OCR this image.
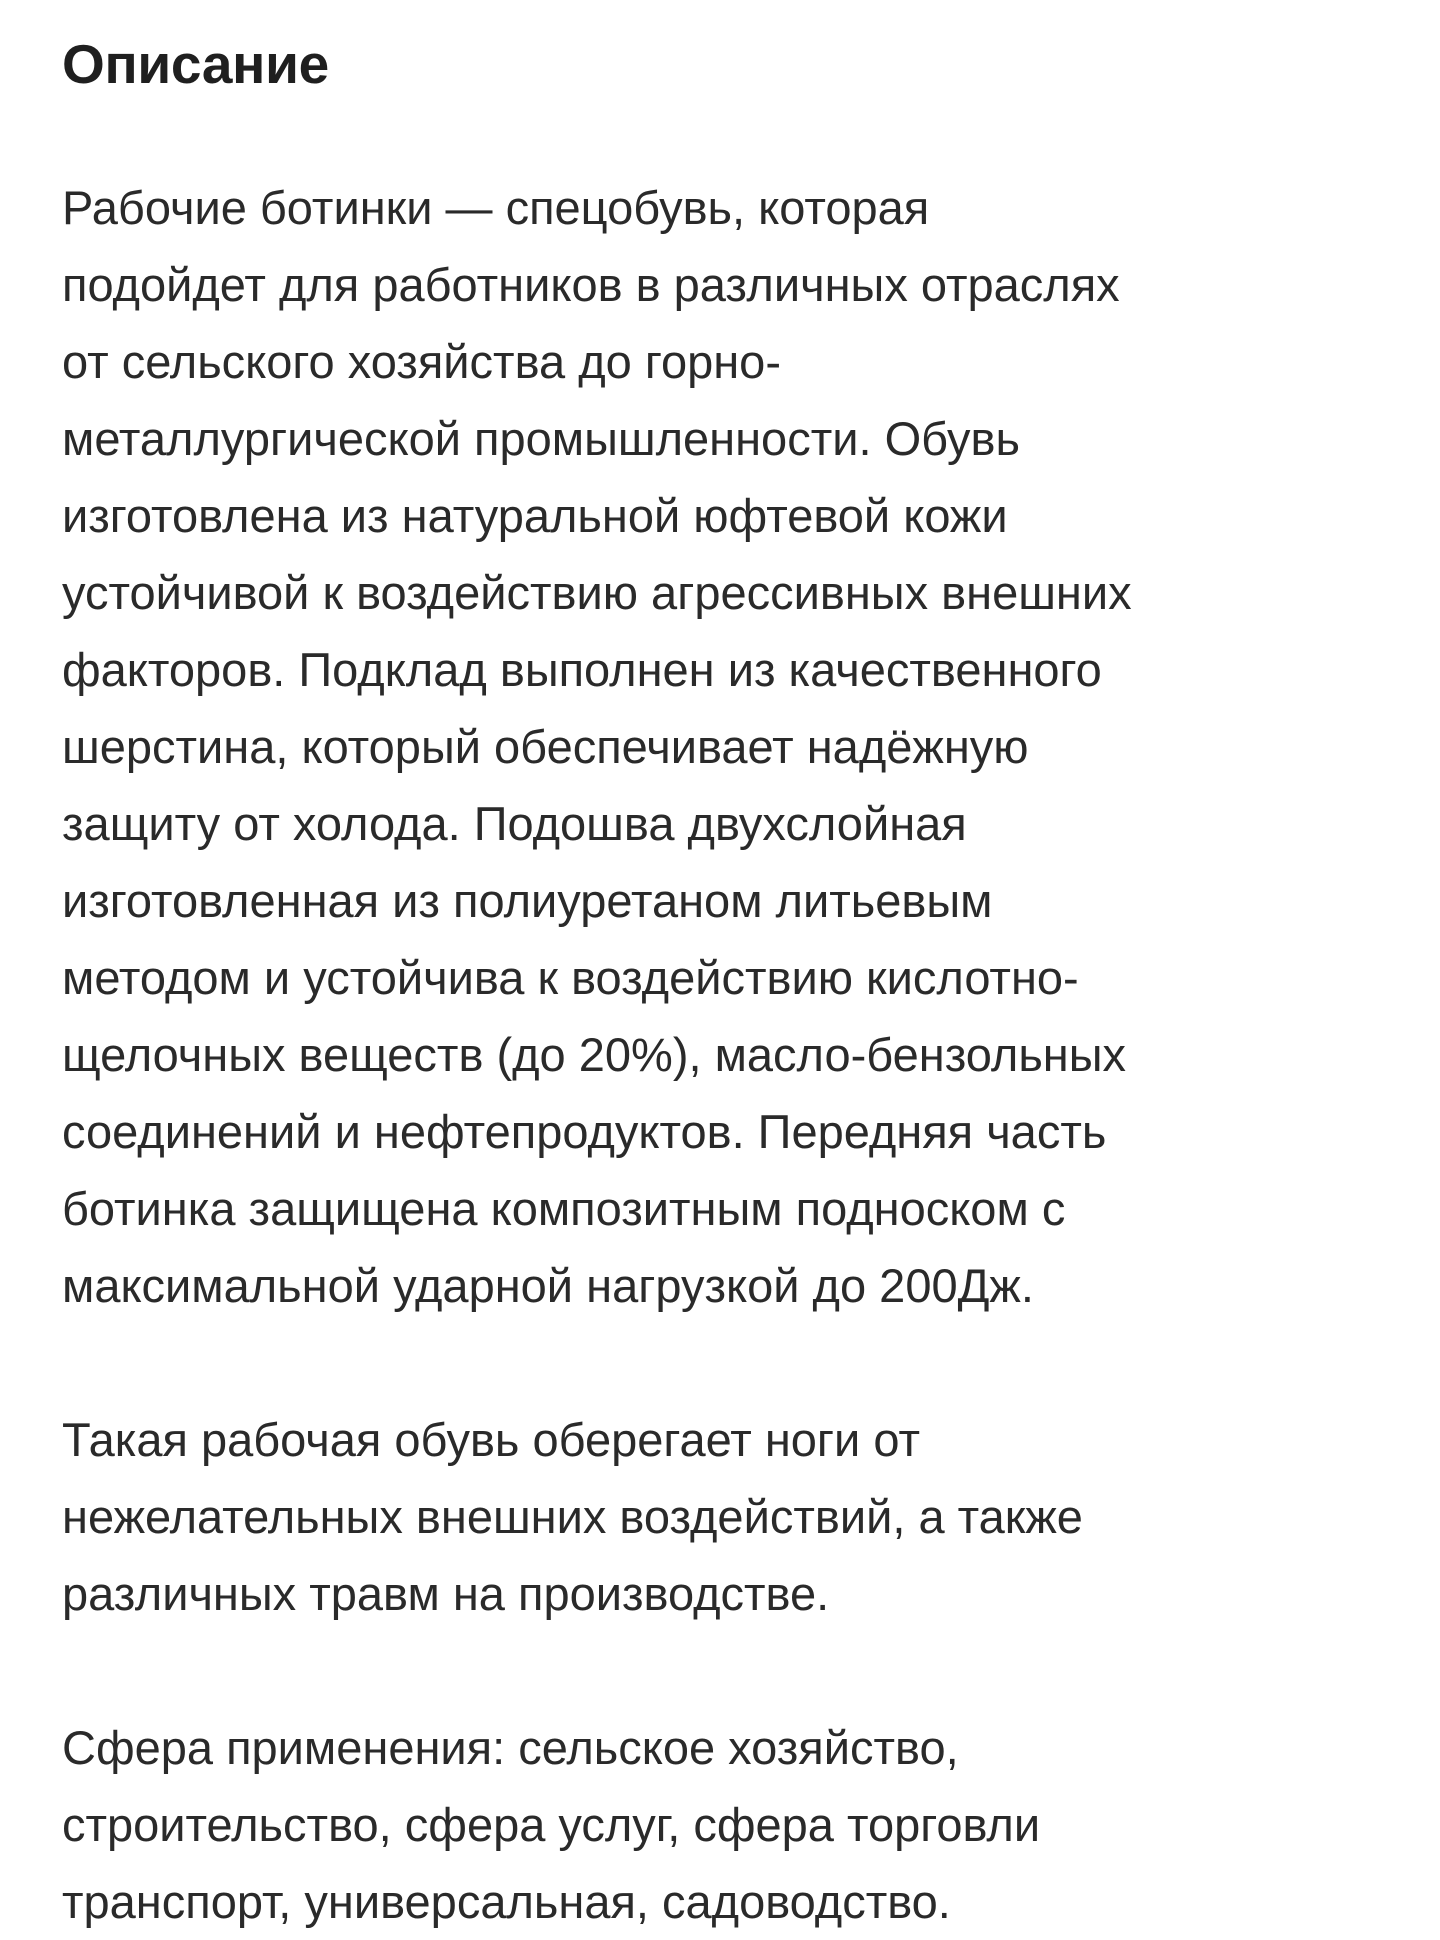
Описание

Рабочие ботинки — спецобувь, которая
подойдет для работников в различных отраслях
от сельского хозяйства до горно-
металлургической промышленности. Обувь
изготовлена из натуральной юфтевой кожи
устойчивой к воздействию агрессивных внешних
факторов. Подклад выполнен из качественного
шерстина, который обеспечивает надёжную
защиту от холода. Подошва двухслойная
изготовленная из полиуретаном литьевым
методом и устойчива к воздействию кислотно-
щелочных веществ (до 20%), масло-бензольных
соединений и нефтепродуктов. Передняя часть
ботинка защищена композитным подноском с
максимальной ударной нагрузкой до 200Дж.

Такая рабочая обувь оберегает ноги от
нежелательных внешних воздействий, а также
различных травм на производстве.

Сфера применения: сельское хозяйство,
строительство, сфера услуг, сфера торговли
транспорт, универсальная, садоводство.
